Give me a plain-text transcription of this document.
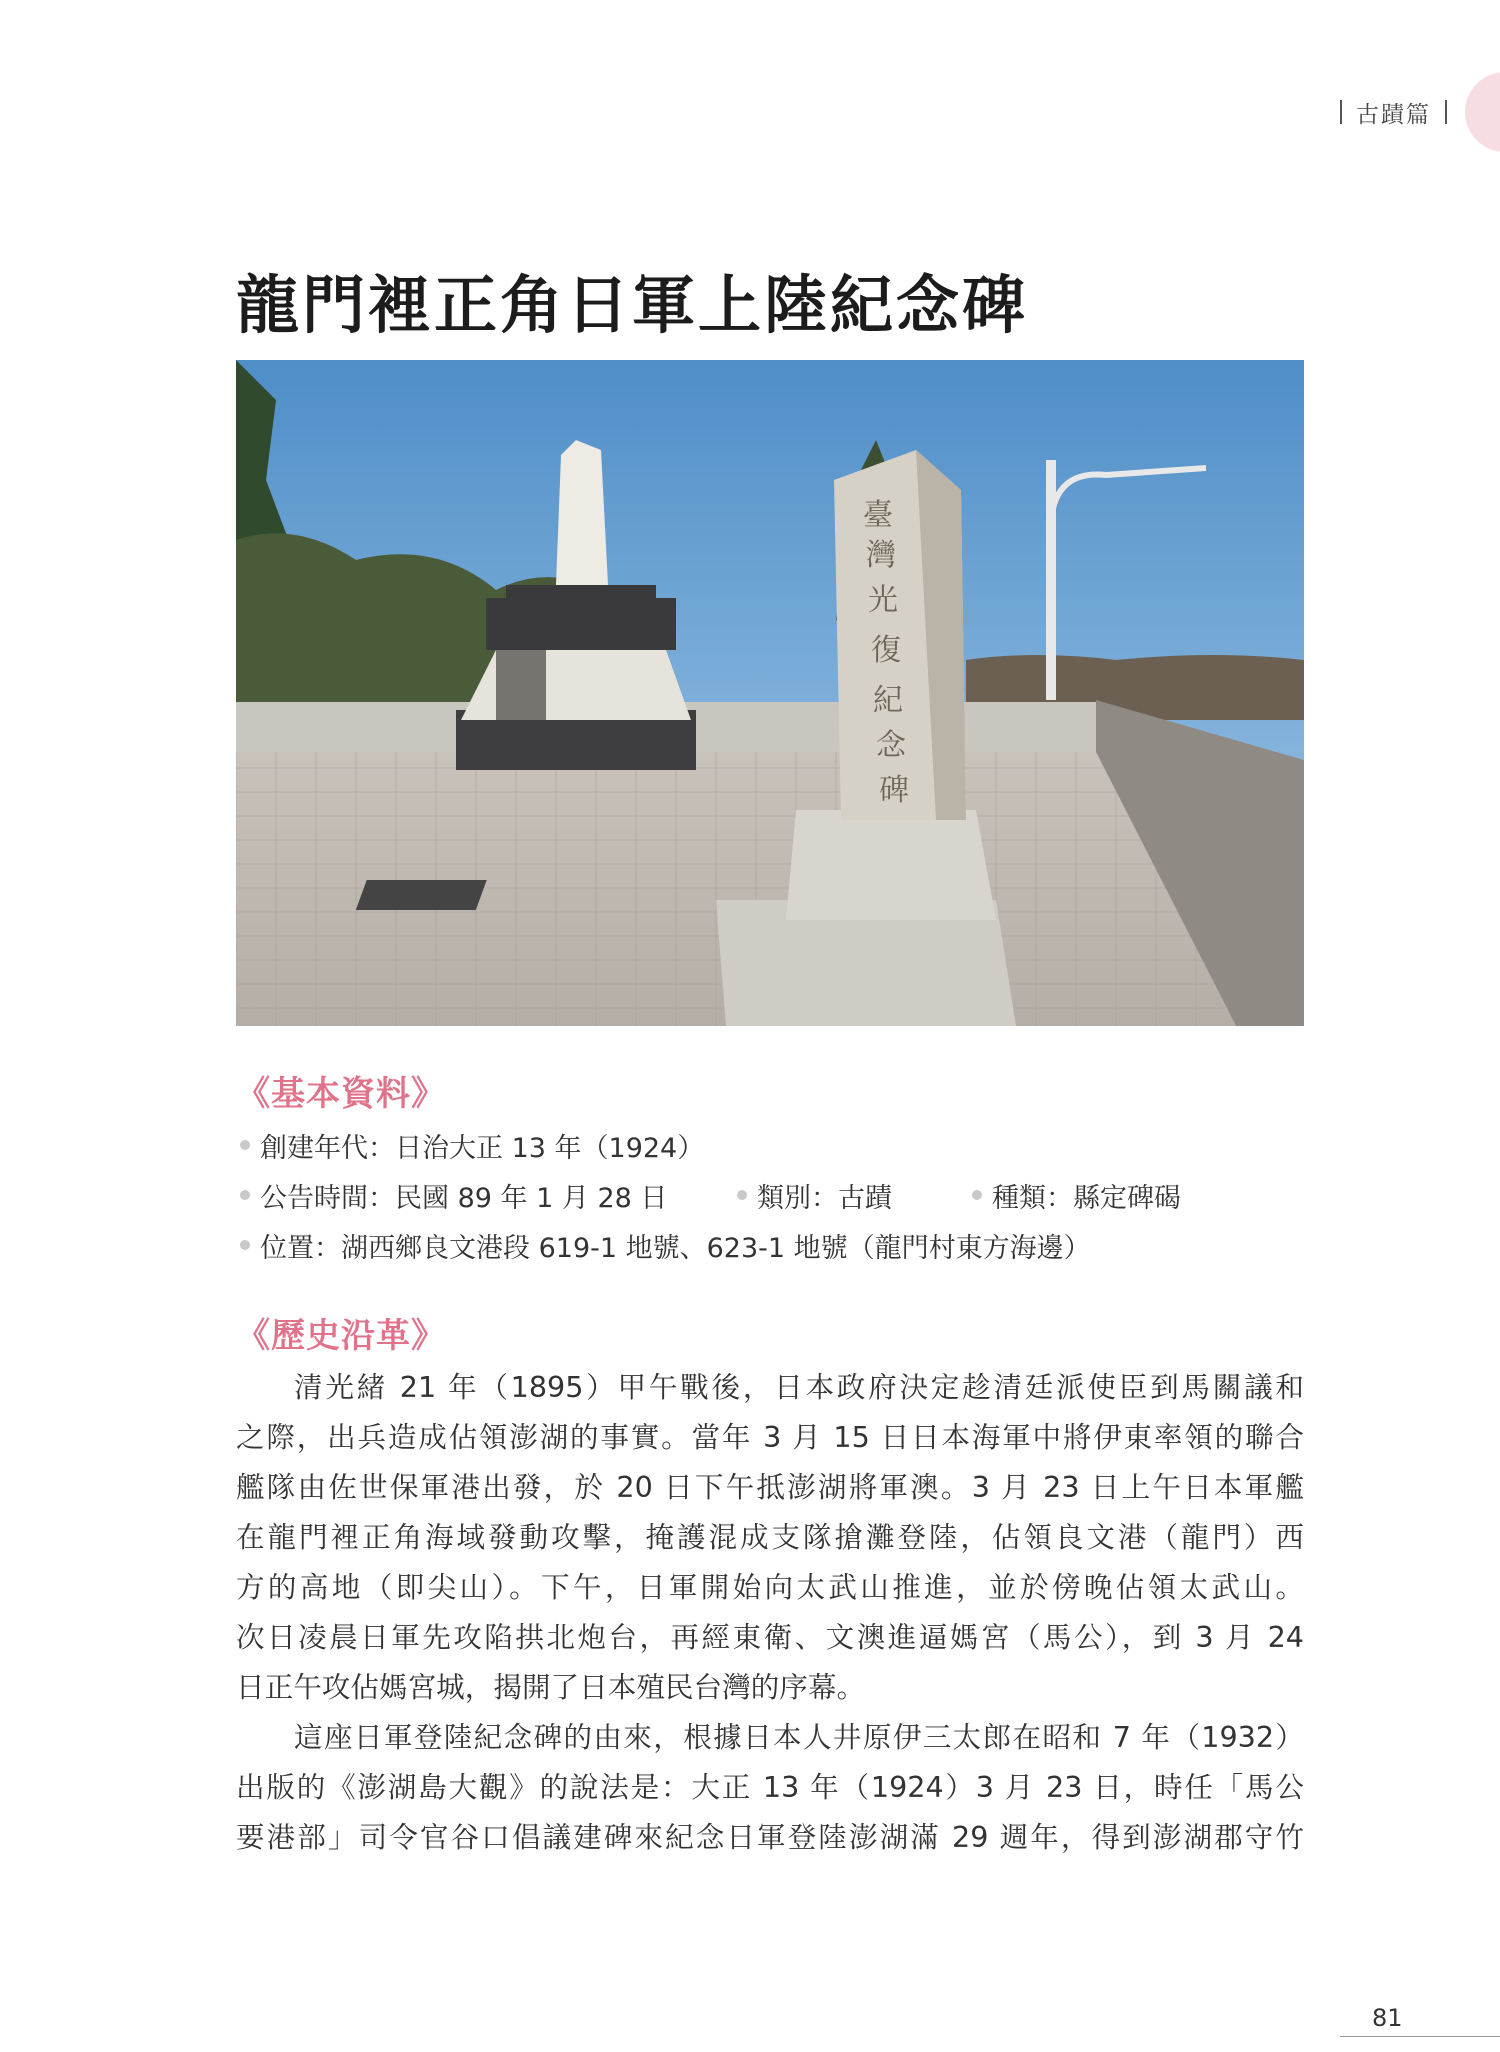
古蹟篇
龍門裡正角日軍上陸紀念碑
臺
灣
光
復
紀
念
碑
《基本資料》
創建年代：日治大正 13 年（1924）
公告時間：民國 89 年 1 月 28 日	類別：古蹟	種類：縣定碑碣
位置：湖西鄉良文港段 619-1 地號、623-1 地號（龍門村東方海邊）
《歷史沿革》
清光緒 21 年（1895）甲午戰後，日本政府決定趁清廷派使臣到馬關議和
之際，出兵造成佔領澎湖的事實。當年 3 月 15 日日本海軍中將伊東率領的聯合
艦隊由佐世保軍港出發，於 20 日下午抵澎湖將軍澳。3 月 23 日上午日本軍艦
在龍門裡正角海域發動攻擊，掩護混成支隊搶灘登陸，佔領良文港（龍門）西
方的高地（即尖山）。下午，日軍開始向太武山推進，並於傍晚佔領太武山。
次日凌晨日軍先攻陷拱北炮台，再經東衛、文澳進逼媽宮（馬公），到 3 月 24
日正午攻佔媽宮城，揭開了日本殖民台灣的序幕。
這座日軍登陸紀念碑的由來，根據日本人井原伊三太郎在昭和 7 年（1932）
出版的《澎湖島大觀》的說法是：大正 13 年（1924）3 月 23 日，時任「馬公
要港部」司令官谷口倡議建碑來紀念日軍登陸澎湖滿 29 週年，得到澎湖郡守竹
81
